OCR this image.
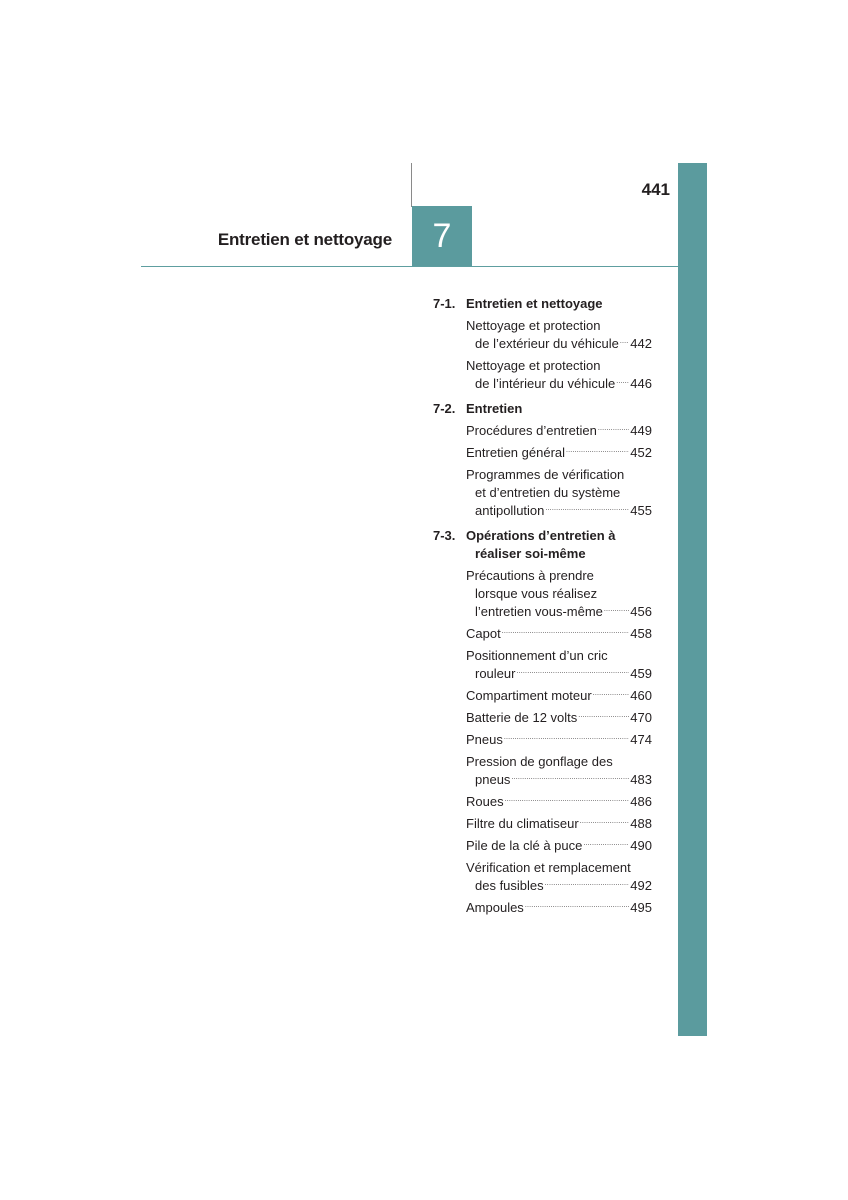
441
Entretien et nettoyage	7
7-1. Entretien et nettoyage
Nettoyage et protection
de l’extérieur du véhicule ..... 442
Nettoyage et protection
de l’intérieur du véhicule ..... 446
7-2. Entretien
Procédures d’entretien .....	449
Entretien général .....	452
Programmes de vérification
et d’entretien du système
antipollution .....	455
7-3. Opérations d’entretien à
réaliser soi-même
Précautions à prendre
lorsque vous réalisez
l’entretien vous-même ..... 456
Capot .....	458
Positionnement d’un cric
rouleur .....	459
Compartiment moteur .....	460
Batterie de 12 volts .....	470
Pneus .....	474
Pression de gonflage des
pneus .....	483
Roues .....	486
Filtre du climatiseur .....	488
Pile de la clé à puce .....	490
Vérification et remplacement
des fusibles .....	492
Ampoules .....	495
